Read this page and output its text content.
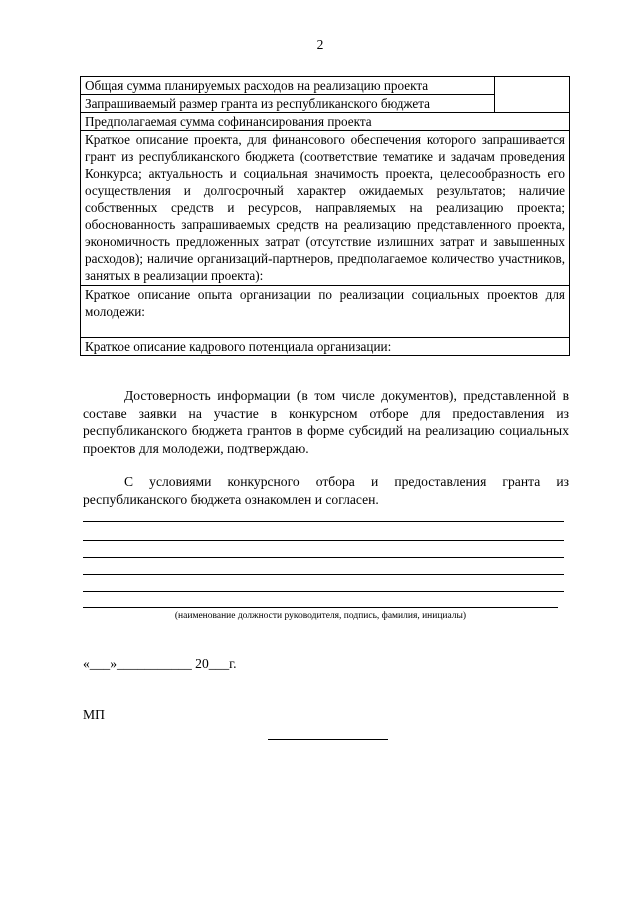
2
Общая сумма планируемых расходов на реализацию проекта	
Запрашиваемый размер гранта из республиканского бюджета
Предполагаемая сумма софинансирования проекта
Краткое описание проекта, для финансового обеспечения которого запрашивается грант из республиканского бюджета (соответствие тематике и задачам проведения Конкурса; актуальность и социальная значимость проекта, целесообразность его осуществления и долгосрочный характер ожидаемых результатов; наличие собственных средств и ресурсов, направляемых на реализацию проекта; обоснованность запрашиваемых средств на реализацию представленного проекта, экономичность предложенных затрат (отсутствие излишних затрат и завышенных расходов); наличие организаций-партнеров, предполагаемое количество участников, занятых в реализации проекта):
Краткое описание опыта организации по реализации социальных проектов для молодежи:
Краткое описание кадрового потенциала организации:
Достоверность информации (в том числе документов), представленной в составе заявки на участие в конкурсном отборе для предоставления из республиканского бюджета грантов в форме субсидий на реализацию социальных проектов для молодежи, подтверждаю.
С условиями конкурсного отбора и предоставления гранта из республиканского бюджета ознакомлен и согласен.
(наименование должности руководителя, подпись, фамилия, инициалы)
«___»___________ 20___г.
МП
